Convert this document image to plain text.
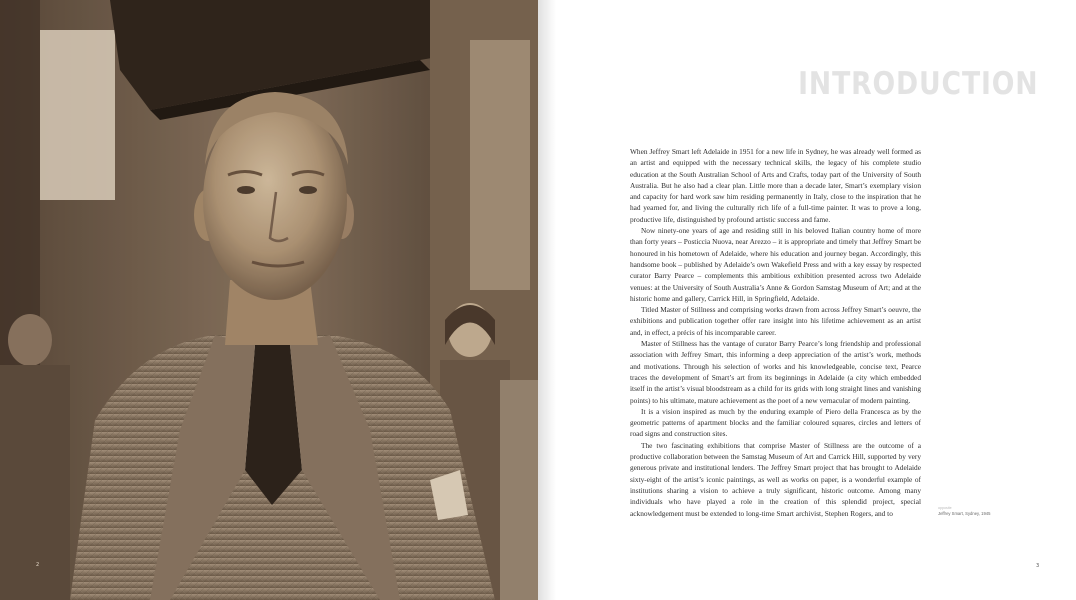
2
INTRODUCTION

When Jeffrey Smart left Adelaide in 1951 for a new life in Sydney, he was already well formed as an artist and equipped with the necessary technical skills, the legacy of his complete studio education at the South Australian School of Arts and Crafts, today part of the University of South Australia. But he also had a clear plan. Little more than a decade later, Smart’s exemplary vision and capacity for hard work saw him residing permanently in Italy, close to the inspiration that he had yearned for, and living the culturally rich life of a full-time painter. It was to prove a long, productive life, distinguished by profound artistic success and fame.

Now ninety-one years of age and residing still in his beloved Italian country home of more than forty years – Posticcia Nuova, near Arezzo – it is appropriate and timely that Jeffrey Smart be honoured in his hometown of Adelaide, where his education and journey began. Accordingly, this handsome book – published by Adelaide’s own Wakefield Press and with a key essay by respected curator Barry Pearce – complements this ambitious exhibition presented across two Adelaide venues: at the University of South Australia’s Anne & Gordon Samstag Museum of Art; and at the historic home and gallery, Carrick Hill, in Springfield, Adelaide.

Titled Master of Stillness and comprising works drawn from across Jeffrey Smart’s oeuvre, the exhibitions and publication together offer rare insight into his lifetime achievement as an artist and, in effect, a précis of his incomparable career.

Master of Stillness has the vantage of curator Barry Pearce’s long friendship and professional association with Jeffrey Smart, this informing a deep appreciation of the artist’s work, methods and motivations. Through his selection of works and his knowledgeable, concise text, Pearce traces the development of Smart’s art from its beginnings in Adelaide (a city which embedded itself in the artist’s visual bloodstream as a child for its grids with long straight lines and vanishing points) to his ultimate, mature achievement as the poet of a new vernacular of modern painting.

It is a vision inspired as much by the enduring example of Piero della Francesca as by the geometric patterns of apartment blocks and the familiar coloured squares, circles and letters of road signs and construction sites.

The two fascinating exhibitions that comprise Master of Stillness are the outcome of a productive collaboration between the Samstag Museum of Art and Carrick Hill, supported by very generous private and institutional lenders. The Jeffrey Smart project that has brought to Adelaide sixty-eight of the artist’s iconic paintings, as well as works on paper, is a wonderful example of institutions sharing a vision to achieve a truly significant, historic outcome. Among many individuals who have played a role in the creation of this splendid project, special acknowledgement must be extended to long-time Smart archivist, Stephen Rogers, and to

opposite
Jeffrey Smart, Sydney, 1945
3
